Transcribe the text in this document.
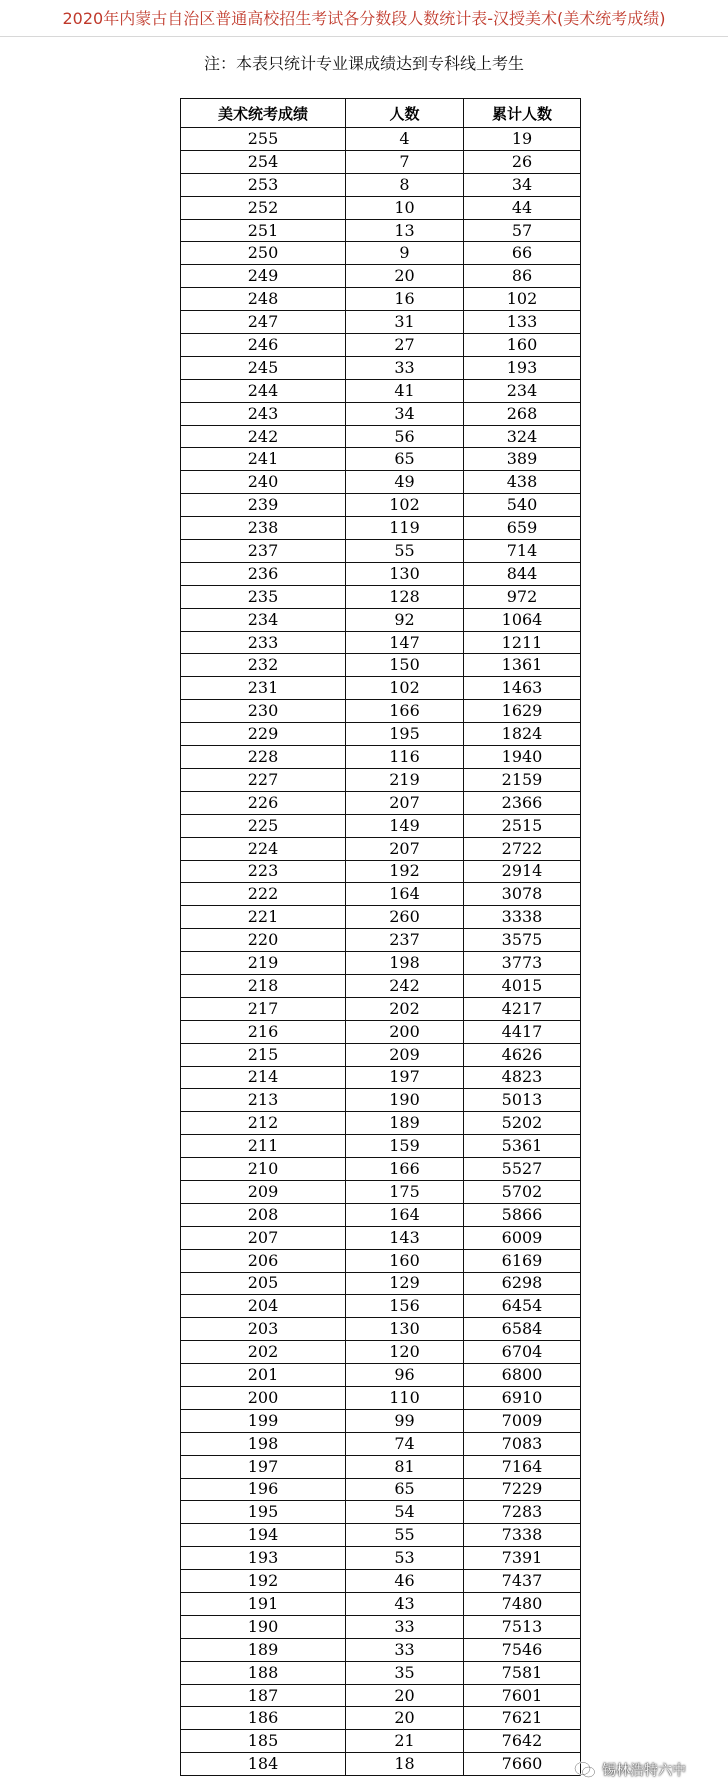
2020年内蒙古自治区普通高校招生考试各分数段人数统计表-汉授美术(美术统考成绩)
注：本表只统计专业课成绩达到专科线上考生
美术统考成绩	人数	累计人数
255	4	19
254	7	26
253	8	34
252	10	44
251	13	57
250	9	66
249	20	86
248	16	102
247	31	133
246	27	160
245	33	193
244	41	234
243	34	268
242	56	324
241	65	389
240	49	438
239	102	540
238	119	659
237	55	714
236	130	844
235	128	972
234	92	1064
233	147	1211
232	150	1361
231	102	1463
230	166	1629
229	195	1824
228	116	1940
227	219	2159
226	207	2366
225	149	2515
224	207	2722
223	192	2914
222	164	3078
221	260	3338
220	237	3575
219	198	3773
218	242	4015
217	202	4217
216	200	4417
215	209	4626
214	197	4823
213	190	5013
212	189	5202
211	159	5361
210	166	5527
209	175	5702
208	164	5866
207	143	6009
206	160	6169
205	129	6298
204	156	6454
203	130	6584
202	120	6704
201	96	6800
200	110	6910
199	99	7009
198	74	7083
197	81	7164
196	65	7229
195	54	7283
194	55	7338
193	53	7391
192	46	7437
191	43	7480
190	33	7513
189	33	7546
188	35	7581
187	20	7601
186	20	7621
185	21	7642
184	18	7660	锡林浩特六中
